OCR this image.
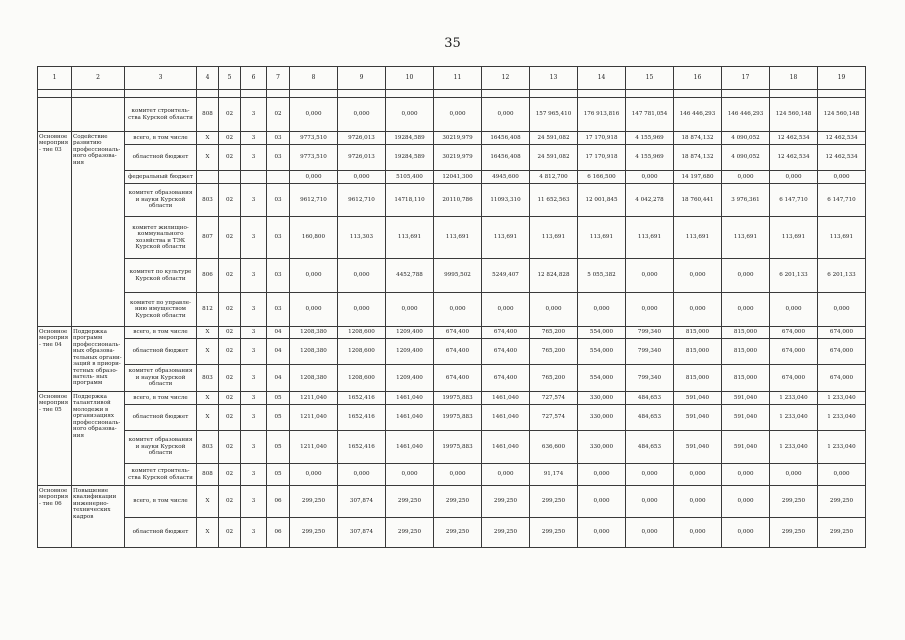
35
1	2	3	4	5	6	7	8	9	10	11	12	13	14	15	16	17	18	19

		комитет строитель- ства Курской области	808	02	3	02	0,000	0,000	0,000	0,000	0,000	157 965,410	176 913,816	147 781,054	146 446,293	146 446,293	124 560,148	124 560,148
Основное мероприя- тие 03	Содействие развитию профессиональ- ного образова- ния	всего, в том числе	X	02	3	03	9773,510	9726,013	19284,589	30219,979	16456,408	24 591,082	17 170,918	4 155,969	18 874,132	4 090,052	12 462,534	12 462,534
		областной бюджет	X	02	3	03	9773,510	9726,013	19284,589	30219,979	16456,408	24 591,082	17 170,918	4 155,969	18 874,132	4 090,052	12 462,534	12 462,534
		федеральный бюджет					0,000	0,000	5105,400	12041,300	4945,600	4 812,700	6 166,500	0,000	14 197,680	0,000	0,000	0,000
		комитет образования и науки Курской области	803	02	3	03	9612,710	9612,710	14718,110	20110,786	11093,310	11 652,563	12 001,845	4 042,278	18 760,441	3 976,361	6 147,710	6 147,710
		комитет жилищно- коммунального хозяйства и ТЭК Курской области	807	02	3	03	160,800	113,303	113,691	113,691	113,691	113,691	113,691	113,691	113,691	113,691	113,691	113,691
		комитет по культуре Курской области	806	02	3	03	0,000	0,000	4452,788	9995,502	5249,407	12 824,828	5 055,382	0,000	0,000	0,000	6 201,133	6 201,133
		комитет по управле- нию имуществом Курской области	812	02	3	03	0,000	0,000	0,000	0,000	0,000	0,000	0,000	0,000	0,000	0,000	0,000	0,000
Основное мероприя- тие 04	Поддержка программ профессиональ- ных образова- тельных органи- заций в приори- тетных образо- ватель- ных программ	всего, в том числе	X	02	3	04	1208,380	1208,600	1209,400	674,400	674,400	765,200	554,000	799,340	815,000	815,000	674,000	674,000
		областной бюджет	X	02	3	04	1208,380	1208,600	1209,400	674,400	674,400	765,200	554,000	799,340	815,000	815,000	674,000	674,000
		комитет образования и науки Курской области	803	02	3	04	1208,380	1208,600	1209,400	674,400	674,400	765,200	554,000	799,340	815,000	815,000	674,000	674,000
Основное мероприя- тие 05	Поддержка талантливой молодежи в организациях профессиональ- ного образова- ния	всего, в том числе	X	02	3	05	1211,040	1652,416	1461,040	19975,883	1461,040	727,574	330,000	484,653	591,040	591,040	1 233,040	1 233,040
		областной бюджет	X	02	3	05	1211,040	1652,416	1461,040	19975,883	1461,040	727,574	330,000	484,653	591,040	591,040	1 233,040	1 233,040
		комитет образования и науки Курской области	803	02	3	05	1211,040	1652,416	1461,040	19975,883	1461,040	636,600	330,000	484,653	591,040	591,040	1 233,040	1 233,040
		комитет строитель- ства Курской области	808	02	3	05	0,000	0,000	0,000	0,000	0,000	91,174	0,000	0,000	0,000	0,000	0,000	0,000
Основное мероприя- тие 06	Повышение квалификации инженерно- технических кадров	всего, в том числе	X	02	3	06	299,250	307,874	299,250	299,250	299,250	299,250	0,000	0,000	0,000	0,000	299,250	299,250
		областной бюджет	X	02	3	06	299,250	307,874	299,250	299,250	299,250	299,250	0,000	0,000	0,000	0,000	299,250	299,250
